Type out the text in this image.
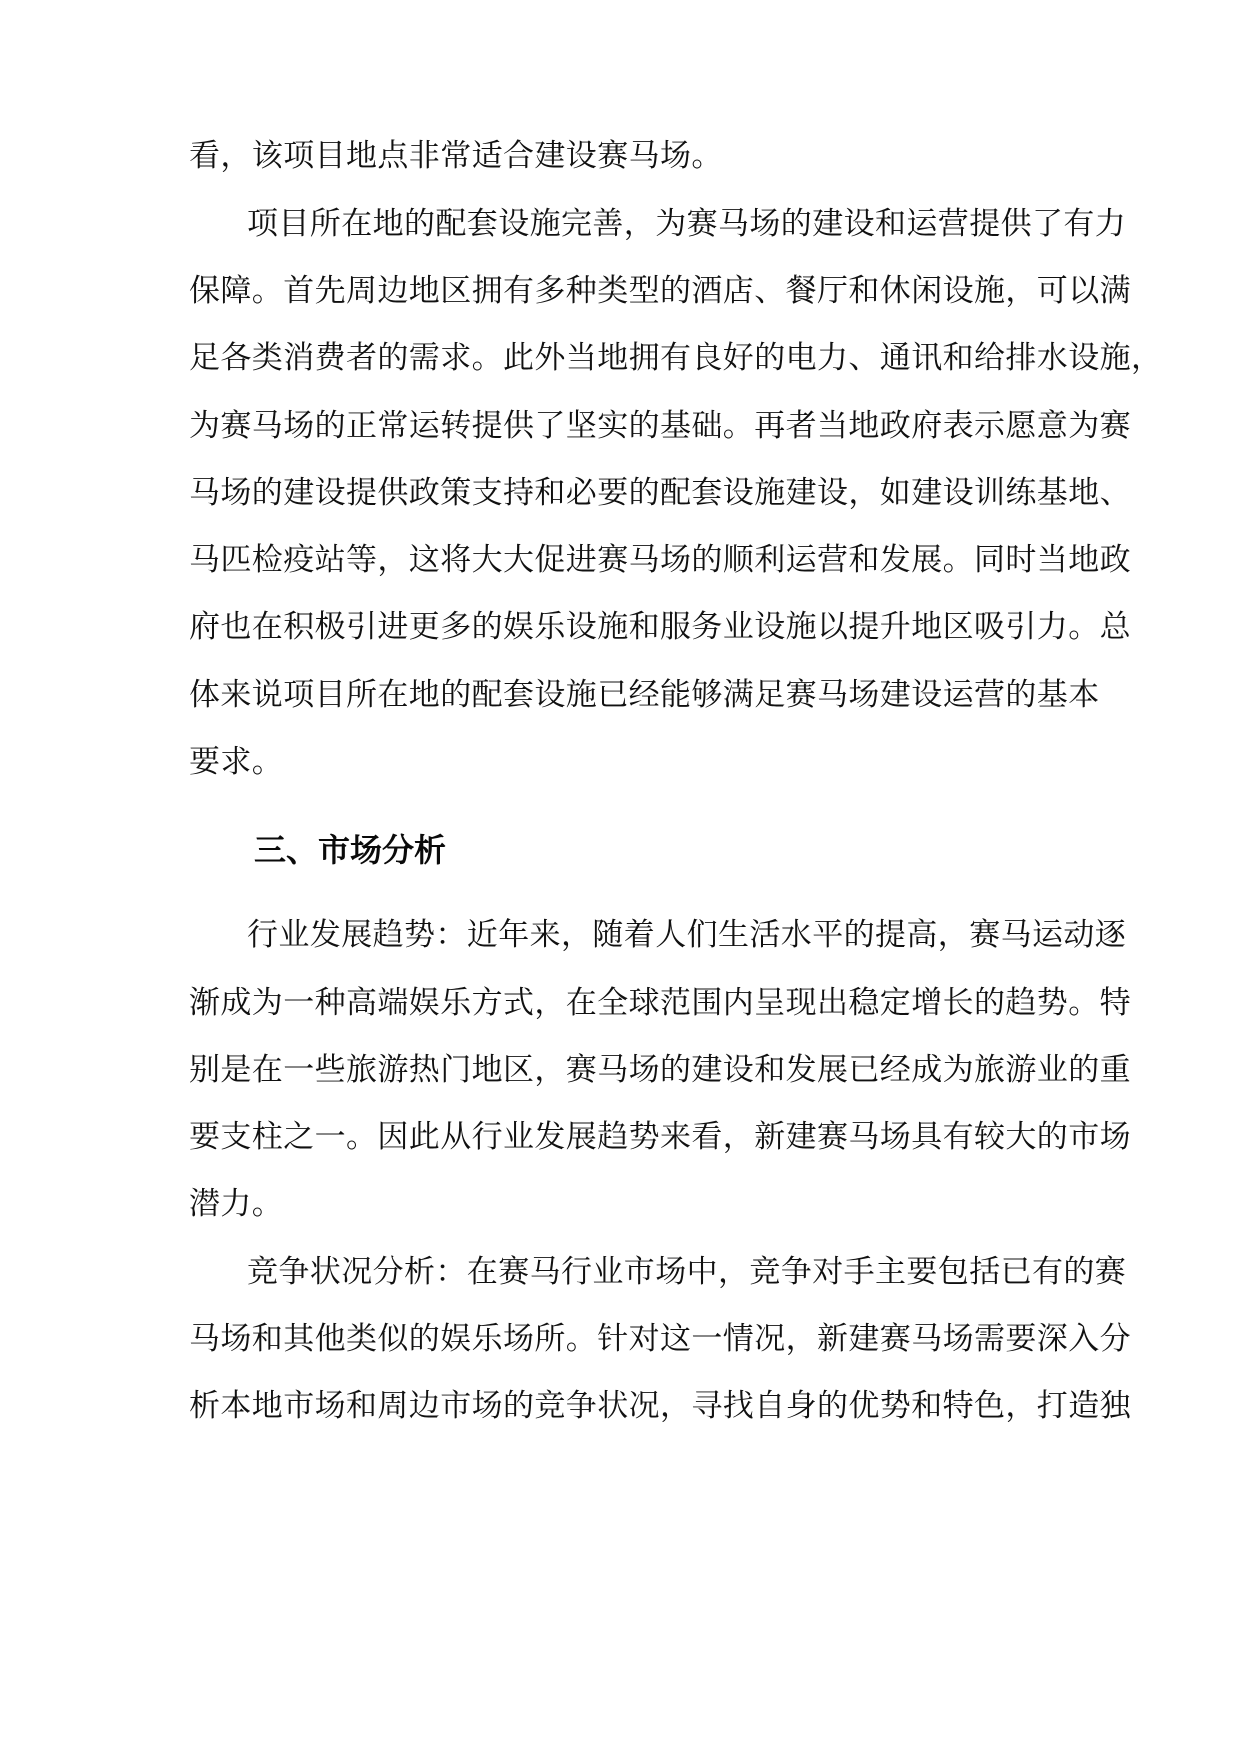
看，该项目地点非常适合建设赛马场。
项目所在地的配套设施完善，为赛马场的建设和运营提供了有力
保障。首先周边地区拥有多种类型的酒店、餐厅和休闲设施，可以满
足各类消费者的需求。此外当地拥有良好的电力、通讯和给排水设施，
为赛马场的正常运转提供了坚实的基础。再者当地政府表示愿意为赛
马场的建设提供政策支持和必要的配套设施建设，如建设训练基地、
马匹检疫站等，这将大大促进赛马场的顺利运营和发展。同时当地政
府也在积极引进更多的娱乐设施和服务业设施以提升地区吸引力。总
体来说项目所在地的配套设施已经能够满足赛马场建设运营的基本
要求。
三、市场分析
行业发展趋势：近年来，随着人们生活水平的提高，赛马运动逐
渐成为一种高端娱乐方式，在全球范围内呈现出稳定增长的趋势。特
别是在一些旅游热门地区，赛马场的建设和发展已经成为旅游业的重
要支柱之一。因此从行业发展趋势来看，新建赛马场具有较大的市场
潜力。
竞争状况分析：在赛马行业市场中，竞争对手主要包括已有的赛
马场和其他类似的娱乐场所。针对这一情况，新建赛马场需要深入分
析本地市场和周边市场的竞争状况，寻找自身的优势和特色，打造独
